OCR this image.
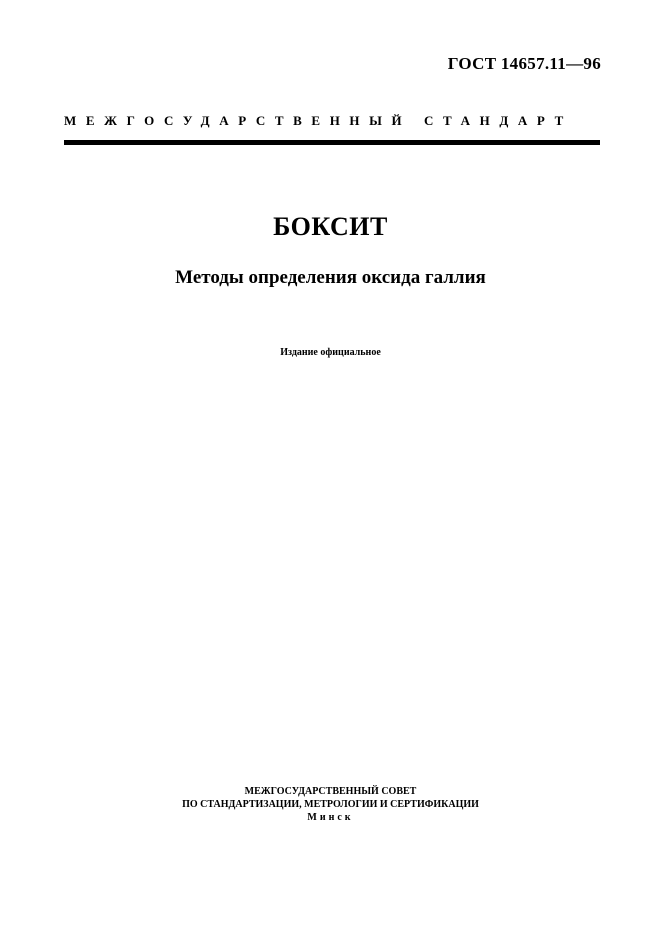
ГОСТ 14657.11—96
МЕЖГОСУДАРСТВЕННЫЙ СТАНДАРТ
БОКСИТ
Методы определения оксида галлия
Издание официальное
МЕЖГОСУДАРСТВЕННЫЙ СОВЕТ
ПО СТАНДАРТИЗАЦИИ, МЕТРОЛОГИИ И СЕРТИФИКАЦИИ
Минск
